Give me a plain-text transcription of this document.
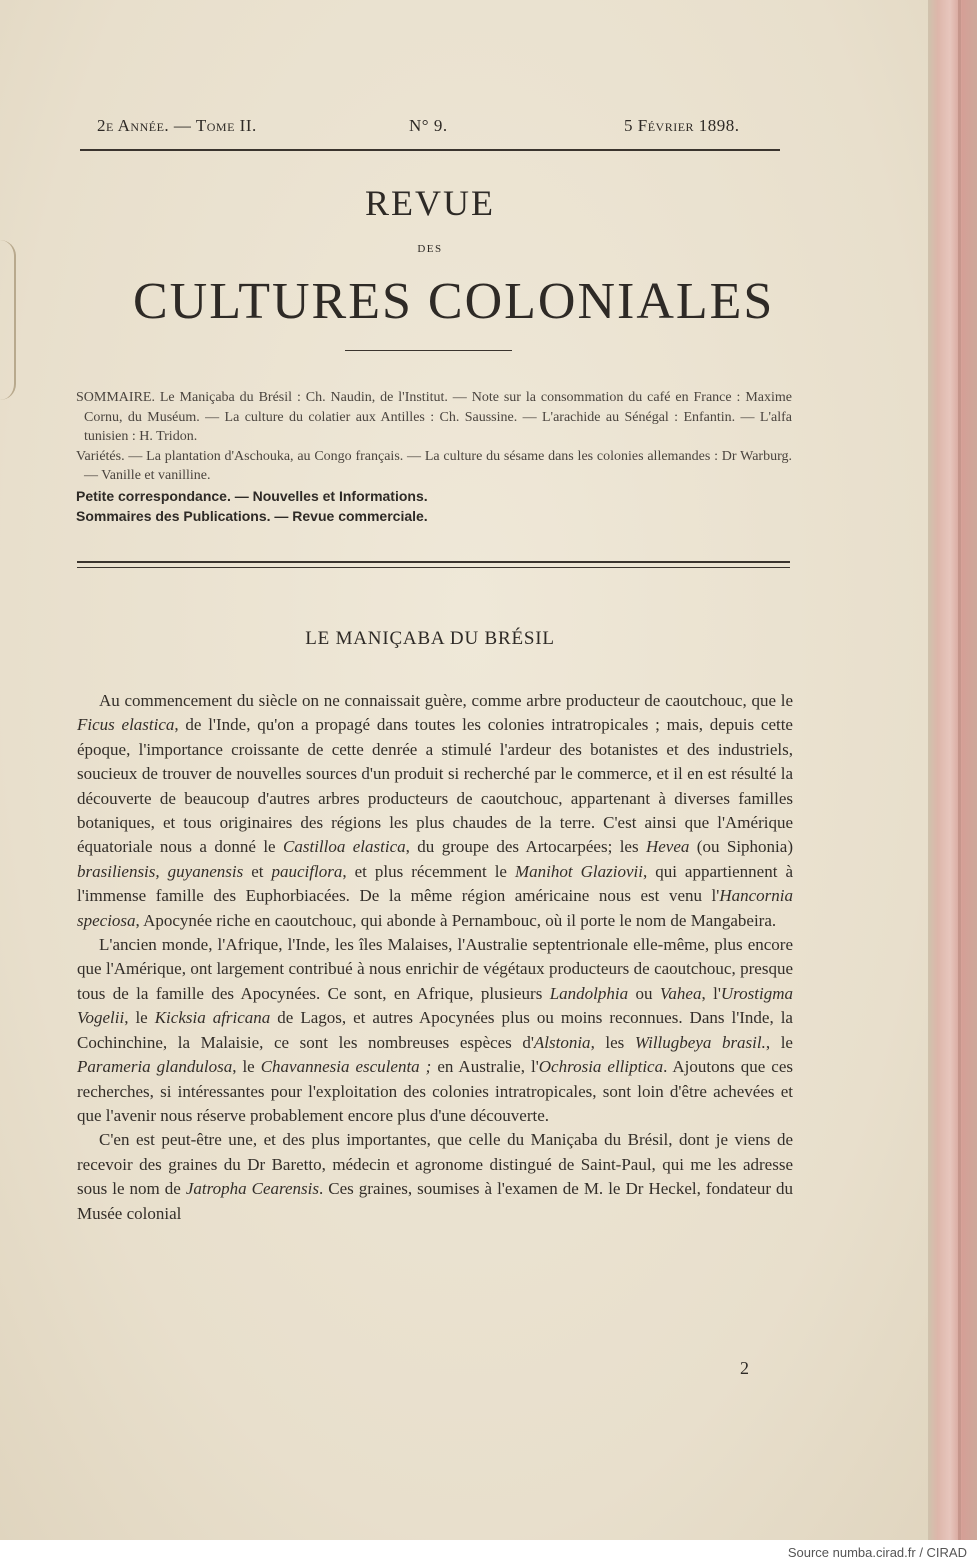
2e Année. — Tome II.	N° 9.	5 Février 1898.
REVUE
DES
CULTURES COLONIALES

SOMMAIRE. Le Maniçaba du Brésil : Ch. Naudin, de l'Institut. — Note sur la consommation du café en France : Maxime Cornu, du Muséum. — La culture du colatier aux Antilles : Ch. Saussine. — L'arachide au Sénégal : Enfantin. — L'alfa tunisien : H. Tridon.

Variétés. — La plantation d'Aschouka, au Congo français. — La culture du sésame dans les colonies allemandes : Dr Warburg. — Vanille et vanilline.

Petite correspondance. — Nouvelles et Informations.

Sommaires des Publications. — Revue commerciale.

LE MANIÇABA DU BRÉSIL

Au commencement du siècle on ne connaissait guère, comme arbre producteur de caoutchouc, que le Ficus elastica, de l'Inde, qu'on a propagé dans toutes les colonies intratropicales ; mais, depuis cette époque, l'importance croissante de cette denrée a stimulé l'ardeur des botanistes et des industriels, soucieux de trouver de nouvelles sources d'un produit si recherché par le commerce, et il en est résulté la découverte de beaucoup d'autres arbres producteurs de caoutchouc, appartenant à diverses familles botaniques, et tous originaires des régions les plus chaudes de la terre. C'est ainsi que l'Amérique équatoriale nous a donné le Castilloa elastica, du groupe des Artocarpées; les Hevea (ou Siphonia) brasiliensis, guyanensis et pauciflora, et plus récemment le Manihot Glaziovii, qui appartiennent à l'immense famille des Euphorbiacées. De la même région américaine nous est venu l'Hancornia speciosa, Apocynée riche en caoutchouc, qui abonde à Pernambouc, où il porte le nom de Mangabeira.

L'ancien monde, l'Afrique, l'Inde, les îles Malaises, l'Australie septentrionale elle-même, plus encore que l'Amérique, ont largement contribué à nous enrichir de végétaux producteurs de caoutchouc, presque tous de la famille des Apocynées. Ce sont, en Afrique, plusieurs Landolphia ou Vahea, l'Urostigma Vogelii, le Kicksia africana de Lagos, et autres Apocynées plus ou moins reconnues. Dans l'Inde, la Cochinchine, la Malaisie, ce sont les nombreuses espèces d'Alstonia, les Willugbeya brasil., le Parameria glandulosa, le Chavannesia esculenta ; en Australie, l'Ochrosia elliptica. Ajoutons que ces recherches, si intéressantes pour l'exploitation des colonies intratropicales, sont loin d'être achevées et que l'avenir nous réserve probablement encore plus d'une découverte.

C'en est peut-être une, et des plus importantes, que celle du Maniçaba du Brésil, dont je viens de recevoir des graines du Dr Baretto, médecin et agronome distingué de Saint-Paul, qui me les adresse sous le nom de Jatropha Cearensis. Ces graines, soumises à l'examen de M. le Dr Heckel, fondateur du Musée colonial

2
Source numba.cirad.fr / CIRAD
